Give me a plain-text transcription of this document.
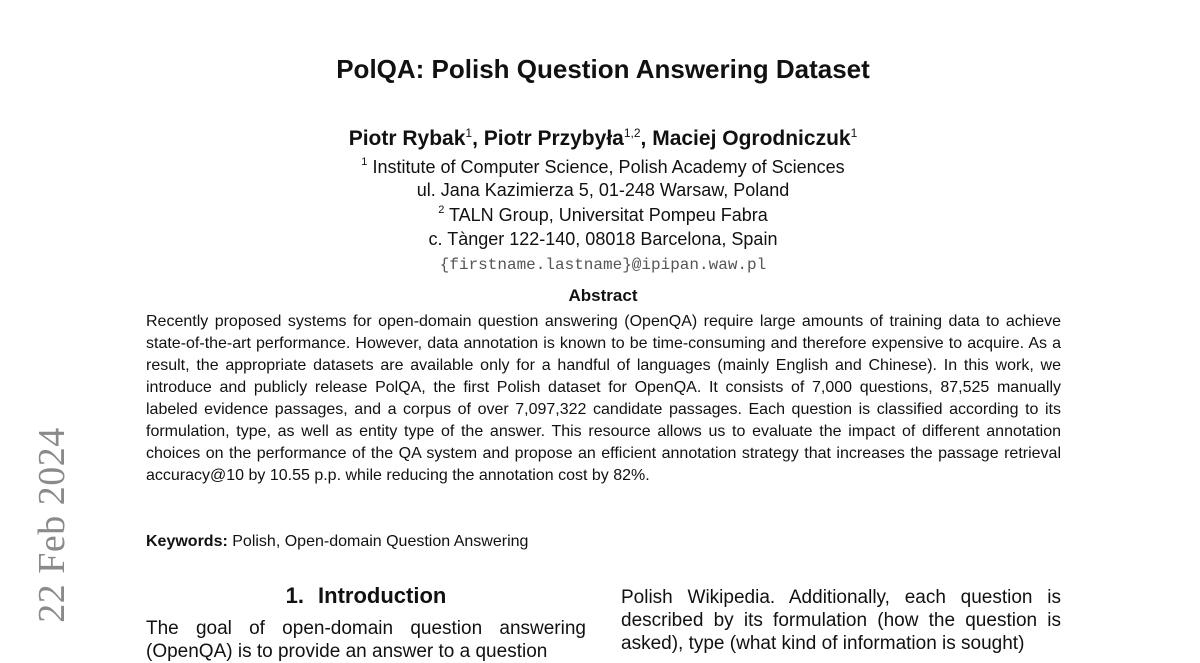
22 Feb 2024
PolQA: Polish Question Answering Dataset
Piotr Rybak$^1$, Piotr Przybyła$^{1,2}$, Maciej Ogrodniczuk$^1$
$^1$ Institute of Computer Science, Polish Academy of Sciences
ul. Jana Kazimierza 5, 01-248 Warsaw, Poland
$^2$ TALN Group, Universitat Pompeu Fabra
c. Tànger 122-140, 08018 Barcelona, Spain
{firstname.lastname}@ipipan.waw.pl
Abstract
Recently proposed systems for open-domain question answering (OpenQA) require large amounts of training data to achieve state-of-the-art performance. However, data annotation is known to be time-consuming and therefore expensive to acquire. As a result, the appropriate datasets are available only for a handful of languages (mainly English and Chinese). In this work, we introduce and publicly release PolQA, the first Polish dataset for OpenQA. It consists of 7,000 questions, 87,525 manually labeled evidence passages, and a corpus of over 7,097,322 candidate passages. Each question is classified according to its formulation, type, as well as entity type of the answer. This resource allows us to evaluate the impact of different annotation choices on the performance of the QA system and propose an efficient annotation strategy that increases the passage retrieval accuracy@10 by 10.55 p.p. while reducing the annotation cost by 82%.
Keywords: Polish, Open-domain Question Answering
1. Introduction
The goal of open-domain question answering (OpenQA) is to provide an answer to a question
Polish Wikipedia. Additionally, each question is described by its formulation (how the question is asked), type (what kind of information is sought)
